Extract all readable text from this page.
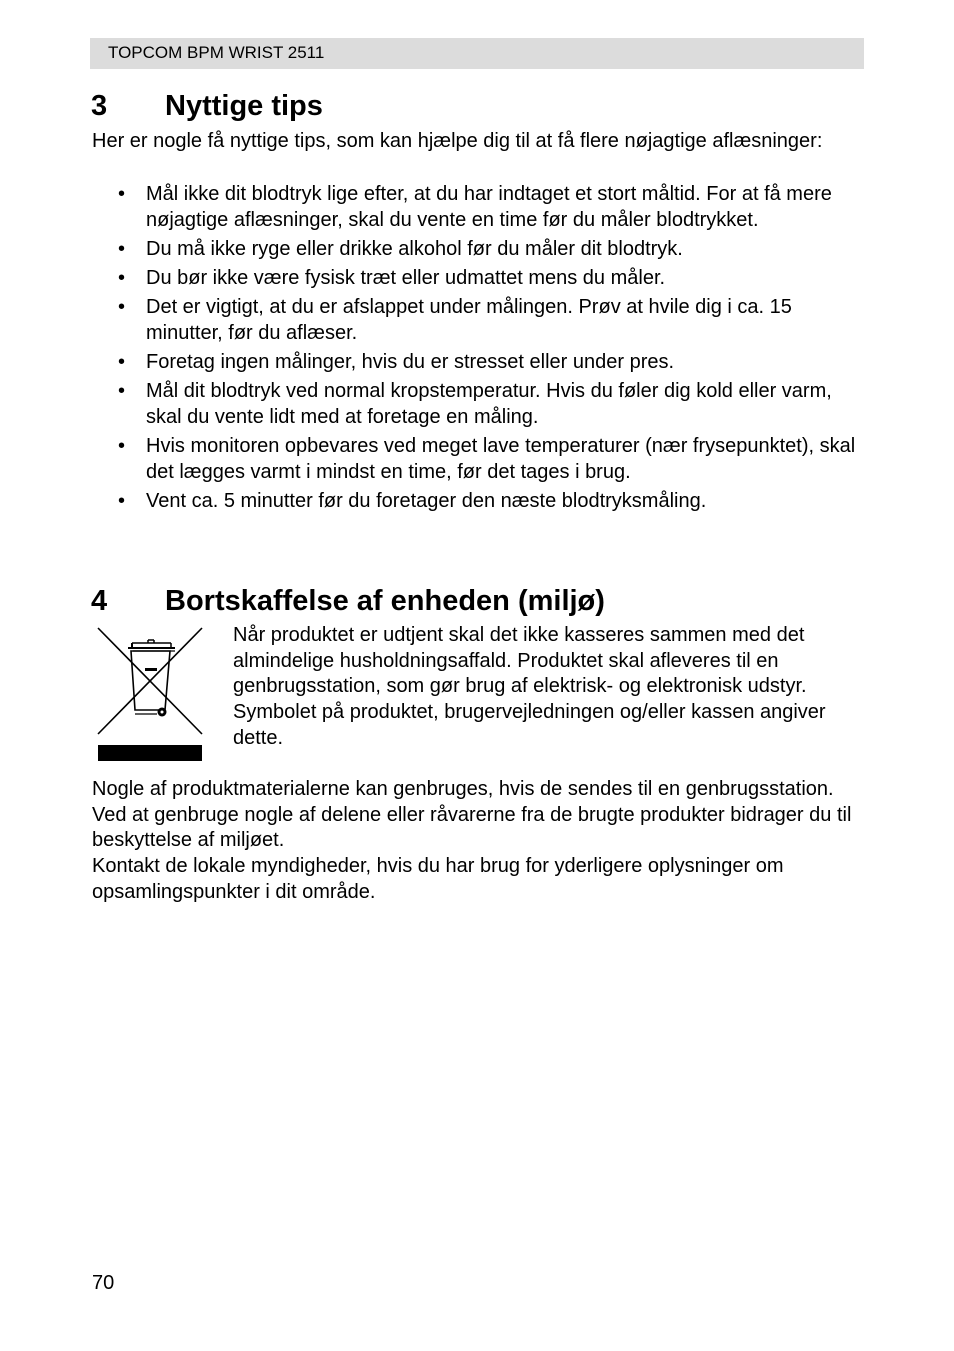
TOPCOM BPM WRIST 2511
3 Nyttige tips
Her er nogle få nyttige tips, som kan hjælpe dig til at få flere nøjagtige aflæsninger:
• Mål ikke dit blodtryk lige efter, at du har indtaget et stort måltid. For at få mere nøjagtige aflæsninger, skal du vente en time før du måler blodtrykket.
• Du må ikke ryge eller drikke alkohol før du måler dit blodtryk.
• Du bør ikke være fysisk træt eller udmattet mens du måler.
• Det er vigtigt, at du er afslappet under målingen. Prøv at hvile dig i ca. 15 minutter, før du aflæser.
• Foretag ingen målinger, hvis du er stresset eller under pres.
• Mål dit blodtryk ved normal kropstemperatur. Hvis du føler dig kold eller varm, skal du vente lidt med at foretage en måling.
• Hvis monitoren opbevares ved meget lave temperaturer (nær frysepunktet), skal det lægges varmt i mindst en time, før det tages i brug.
• Vent ca. 5 minutter før du foretager den næste blodtryksmåling.
4 Bortskaffelse af enheden (miljø)
Når produktet er udtjent skal det ikke kasseres sammen med det almindelige husholdningsaffald. Produktet skal afleveres til en genbrugsstation, som gør brug af elektrisk- og elektronisk udstyr. Symbolet på produktet, brugervejledningen og/eller kassen angiver dette.
Nogle af produktmaterialerne kan genbruges, hvis de sendes til en genbrugsstation. Ved at genbruge nogle af delene eller råvarerne fra de brugte produkter bidrager du til beskyttelse af miljøet.
Kontakt de lokale myndigheder, hvis du har brug for yderligere oplysninger om opsamlingspunkter i dit område.
70
